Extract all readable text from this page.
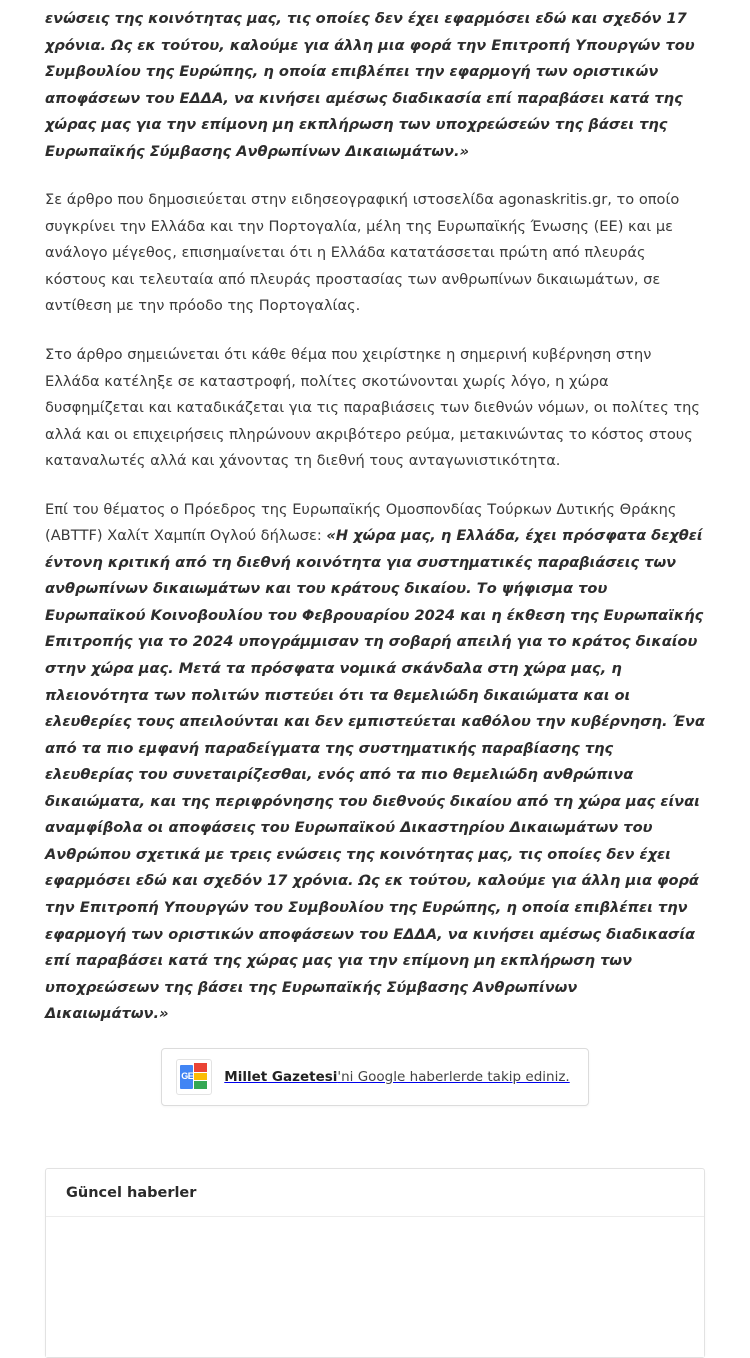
ενώσεις της κοινότητας μας, τις οποίες δεν έχει εφαρμόσει εδώ και σχεδόν 17 χρόνια. Ως εκ τούτου, καλούμε για άλλη μια φορά την Επιτροπή Υπουργών του Συμβουλίου της Ευρώπης, η οποία επιβλέπει την εφαρμογή των οριστικών αποφάσεων του ΕΔΔΑ, να κινήσει αμέσως διαδικασία επί παραβάσει κατά της χώρας μας για την επίμονη μη εκπλήρωση των υποχρεώσεών της βάσει της Ευρωπαϊκής Σύμβασης Ανθρωπίνων Δικαιωμάτων.»

Σε άρθρο που δημοσιεύεται στην ειδησεογραφική ιστοσελίδα agonaskritis.gr, το οποίο συγκρίνει την Ελλάδα και την Πορτογαλία, μέλη της Ευρωπαϊκής Ένωσης (ΕΕ) και με ανάλογο μέγεθος, επισημαίνεται ότι η Ελλάδα κατατάσσεται πρώτη από πλευράς κόστους και τελευταία από πλευράς προστασίας των ανθρωπίνων δικαιωμάτων, σε αντίθεση με την πρόοδο της Πορτογαλίας.

Στο άρθρο σημειώνεται ότι κάθε θέμα που χειρίστηκε η σημερινή κυβέρνηση στην Ελλάδα κατέληξε σε καταστροφή, πολίτες σκοτώνονται χωρίς λόγο, η χώρα δυσφημίζεται και καταδικάζεται για τις παραβιάσεις των διεθνών νόμων, οι πολίτες της αλλά και οι επιχειρήσεις πληρώνουν ακριβότερο ρεύμα, μετακινώντας το κόστος στους καταναλωτές αλλά και χάνοντας τη διεθνή τους ανταγωνιστικότητα.

Επί του θέματος ο Πρόεδρος της Ευρωπαϊκής Ομοσπονδίας Τούρκων Δυτικής Θράκης (ΑΒΤΤF) Χαλίτ Χαμπίπ Ογλού δήλωσε: «Η χώρα μας, η Ελλάδα, έχει πρόσφατα δεχθεί έντονη κριτική από τη διεθνή κοινότητα για συστηματικές παραβιάσεις των ανθρωπίνων δικαιωμάτων και του κράτους δικαίου. Το ψήφισμα του Ευρωπαϊκού Κοινοβουλίου του Φεβρουαρίου 2024 και η έκθεση της Ευρωπαϊκής Επιτροπής για το 2024 υπογράμμισαν τη σοβαρή απειλή για το κράτος δικαίου στην χώρα μας. Μετά τα πρόσφατα νομικά σκάνδαλα στη χώρα μας, η πλειονότητα των πολιτών πιστεύει ότι τα θεμελιώδη δικαιώματα και οι ελευθερίες τους απειλούνται και δεν εμπιστεύεται καθόλου την κυβέρνηση. Ένα από τα πιο εμφανή παραδείγματα της συστηματικής παραβίασης της ελευθερίας του συνεταιρίζεσθαι, ενός από τα πιο θεμελιώδη ανθρώπινα δικαιώματα, και της περιφρόνησης του διεθνούς δικαίου από τη χώρα μας είναι αναμφίβολα οι αποφάσεις του Ευρωπαϊκού Δικαστηρίου Δικαιωμάτων του Ανθρώπου σχετικά με τρεις ενώσεις της κοινότητας μας, τις οποίες δεν έχει εφαρμόσει εδώ και σχεδόν 17 χρόνια. Ως εκ τούτου, καλούμε για άλλη μια φορά την Επιτροπή Υπουργών του Συμβουλίου της Ευρώπης, η οποία επιβλέπει την εφαρμογή των οριστικών αποφάσεων του ΕΔΔΑ, να κινήσει αμέσως διαδικασία επί παραβάσει κατά της χώρας μας για την επίμονη μη εκπλήρωση των υποχρεώσεων της βάσει της Ευρωπαϊκής Σύμβασης Ανθρωπίνων Δικαιωμάτων.»

GE Millet Gazetesi'ni Google haberlerde takip ediniz.
Güncel haberler
